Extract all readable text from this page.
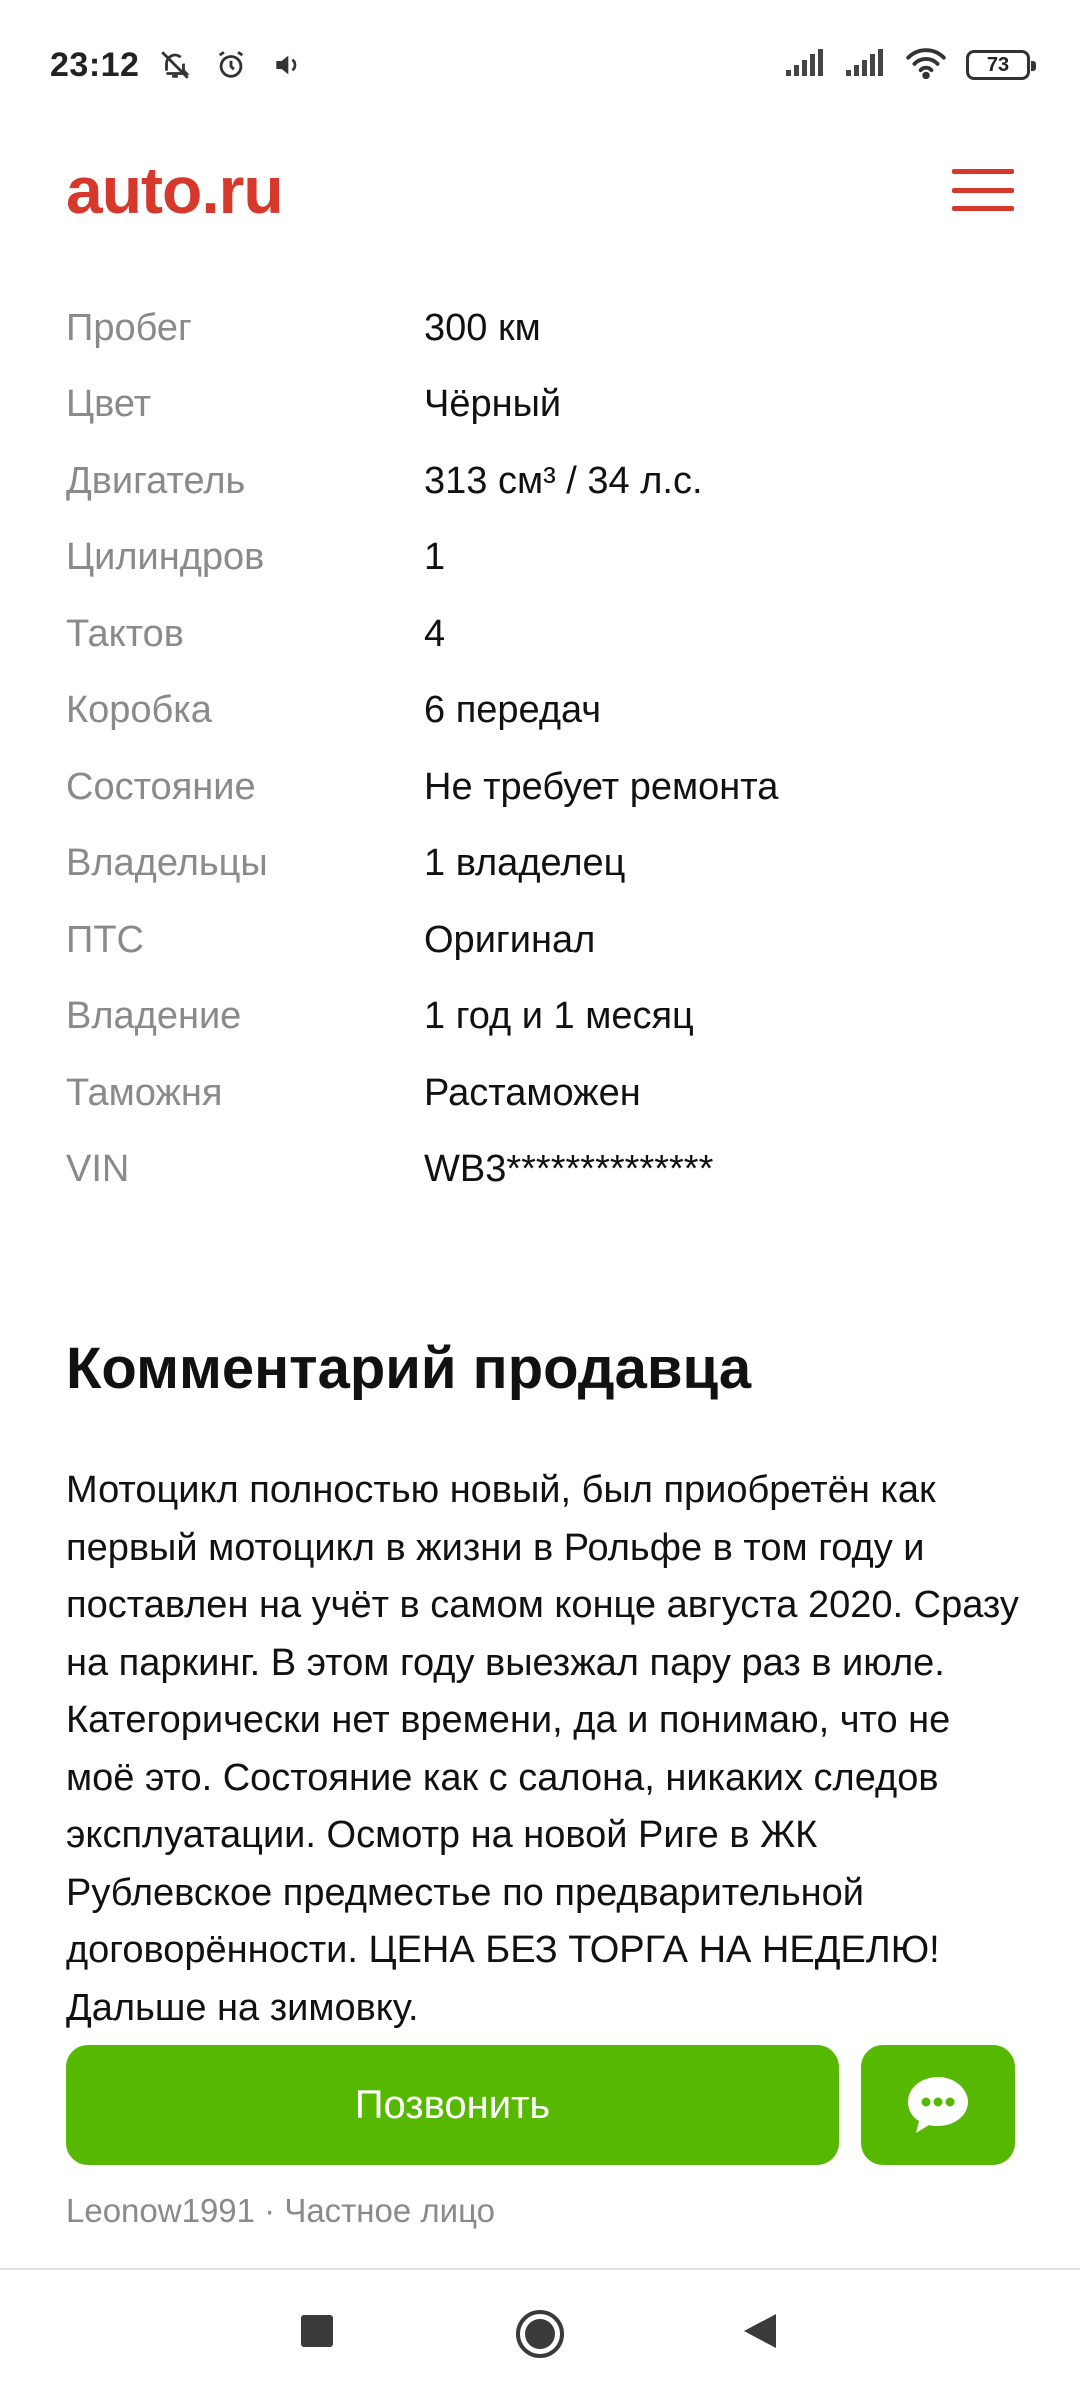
23:12	73
auto.ru
Пробег	300 км
Цвет	Чёрный
Двигатель	313 см³ / 34 л.с.
Цилиндров	1
Тактов	4
Коробка	6 передач
Состояние	Не требует ремонта
Владельцы	1 владелец
ПТС	Оригинал
Владение	1 год и 1 месяц
Таможня	Растаможен
VIN	WB3**************
Комментарий продавца

Мотоцикл полностью новый, был приобретён как первый мотоцикл в жизни в Рольфе в том году и поставлен на учёт в самом конце августа 2020. Сразу на паркинг. В этом году выезжал пару раз в июле. Категорически нет времени, да и понимаю, что не моё это. Состояние как с салона, никаких следов эксплуатации. Осмотр на новой Риге в ЖК Рублевское предместье по предварительной договорённости. ЦЕНА БЕЗ ТОРГА НА НЕДЕЛЮ! Дальше на зимовку.

Позвонить
Leonow1991 · Частное лицо
